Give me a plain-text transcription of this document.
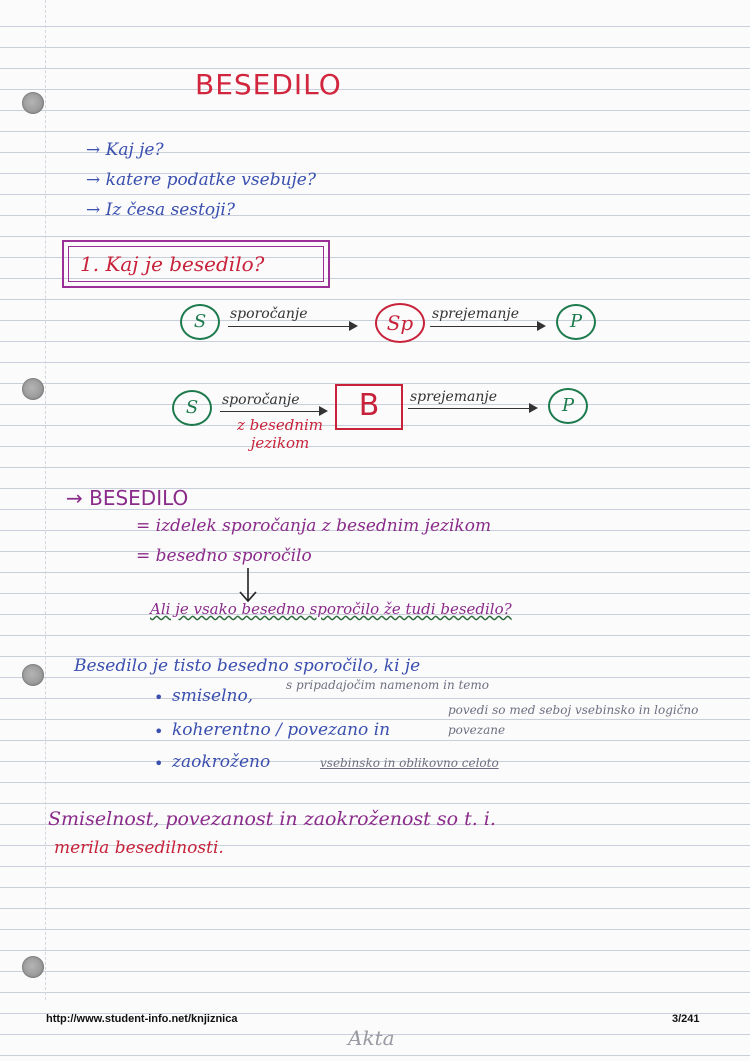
BESEDILO
→ Kaj je?
→ katere podatke vsebuje?
→ Iz česa sestoji?
1. Kaj je besedilo?
S	sporočanje	Sp	sprejemanje	P
S	sporočanje
z besednim jezikom
B	sprejemanje	P
→ BESEDILO
= izdelek sporočanja z besednim jezikom
= besedno sporočilo
Ali je vsako besedno sporočilo že tudi besedilo?
Besedilo je tisto besedno sporočilo, ki je
• smiselno,
s pripadajočim namenom in temo
• koherentno / povezano in
povedi so med seboj vsebinsko in logično povezane
• zaokroženo	vsebinsko in oblikovno celoto
Smiselnost, povezanost in zaokroženost so t. i.
merila besedilnosti.
http://www.student-info.net/knjiznica	3/241
Akta
